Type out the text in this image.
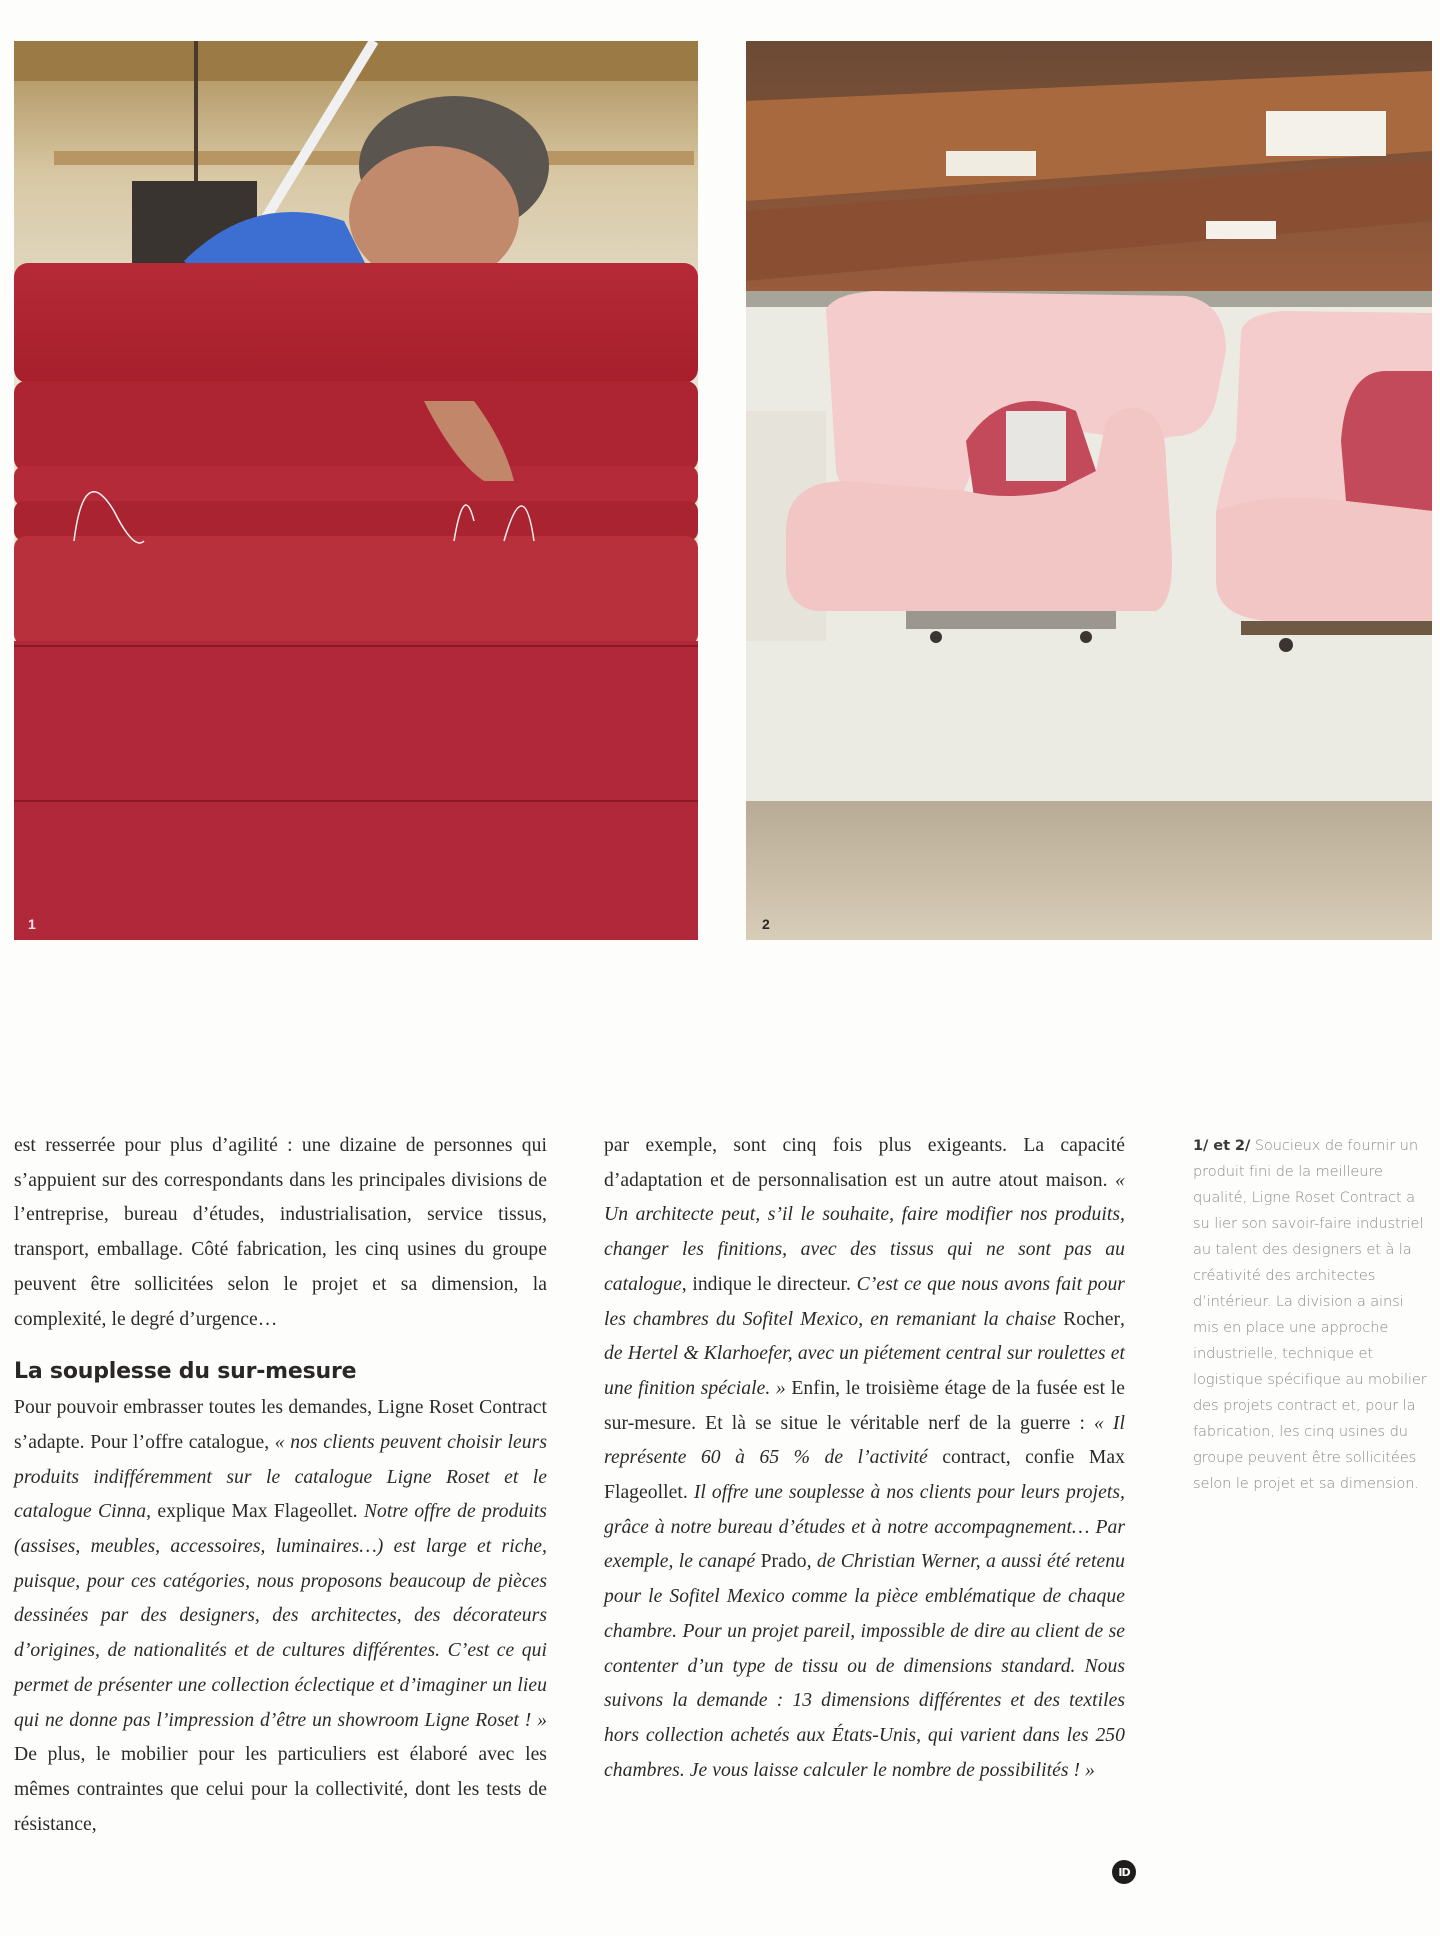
1	2

est resserrée pour plus d’agilité : une dizaine de personnes qui s’appuient sur des correspondants dans les principales divisions de l’entreprise, bureau d’études, industrialisation, service tissus, transport, emballage. Côté fabrication, les cinq usines du groupe peuvent être sollicitées selon le projet et sa dimension, la complexité, le degré d’urgence…

La souplesse du sur-mesure

Pour pouvoir embrasser toutes les demandes, Ligne Roset Contract s’adapte. Pour l’offre catalogue, « nos clients peuvent choisir leurs produits indifféremment sur le catalogue Ligne Roset et le catalogue Cinna, explique Max Flageollet. Notre offre de produits (assises, meubles, accessoires, luminaires…) est large et riche, puisque, pour ces catégories, nous proposons beaucoup de pièces dessinées par des designers, des architectes, des décorateurs d’origines, de nationalités et de cultures différentes. C’est ce qui permet de présenter une collection éclectique et d’imaginer un lieu qui ne donne pas l’impression d’être un showroom Ligne Roset ! » De plus, le mobilier pour les particuliers est élaboré avec les mêmes contraintes que celui pour la collectivité, dont les tests de résistance,

par exemple, sont cinq fois plus exigeants. La capacité d’adaptation et de personnalisation est un autre atout maison. « Un architecte peut, s’il le souhaite, faire modifier nos produits, changer les finitions, avec des tissus qui ne sont pas au catalogue, indique le directeur. C’est ce que nous avons fait pour les chambres du Sofitel Mexico, en remaniant la chaise Rocher, de Hertel & Klarhoefer, avec un piétement central sur roulettes et une finition spéciale. » Enfin, le troisième étage de la fusée est le sur-mesure. Et là se situe le véritable nerf de la guerre : « Il représente 60 à 65 % de l’activité contract, confie Max Flageollet. Il offre une souplesse à nos clients pour leurs projets, grâce à notre bureau d’études et à notre accompagnement… Par exemple, le canapé Prado, de Christian Werner, a aussi été retenu pour le Sofitel Mexico comme la pièce emblématique de chaque chambre. Pour un projet pareil, impossible de dire au client de se contenter d’un type de tissu ou de dimensions standard. Nous suivons la demande : 13 dimensions différentes et des textiles hors collection achetés aux États-Unis, qui varient dans les 250 chambres. Je vous laisse calculer le nombre de possibilités ! »

ID
1/ et 2/ Soucieux de fournir un produit fini de la meilleure qualité, Ligne Roset Contract a su lier son savoir-faire industriel au talent des designers et à la créativité des architectes d’intérieur. La division a ainsi mis en place une approche industrielle, technique et logistique spécifique au mobilier des projets contract et, pour la fabrication, les cinq usines du groupe peuvent être sollicitées selon le projet et sa dimension.
